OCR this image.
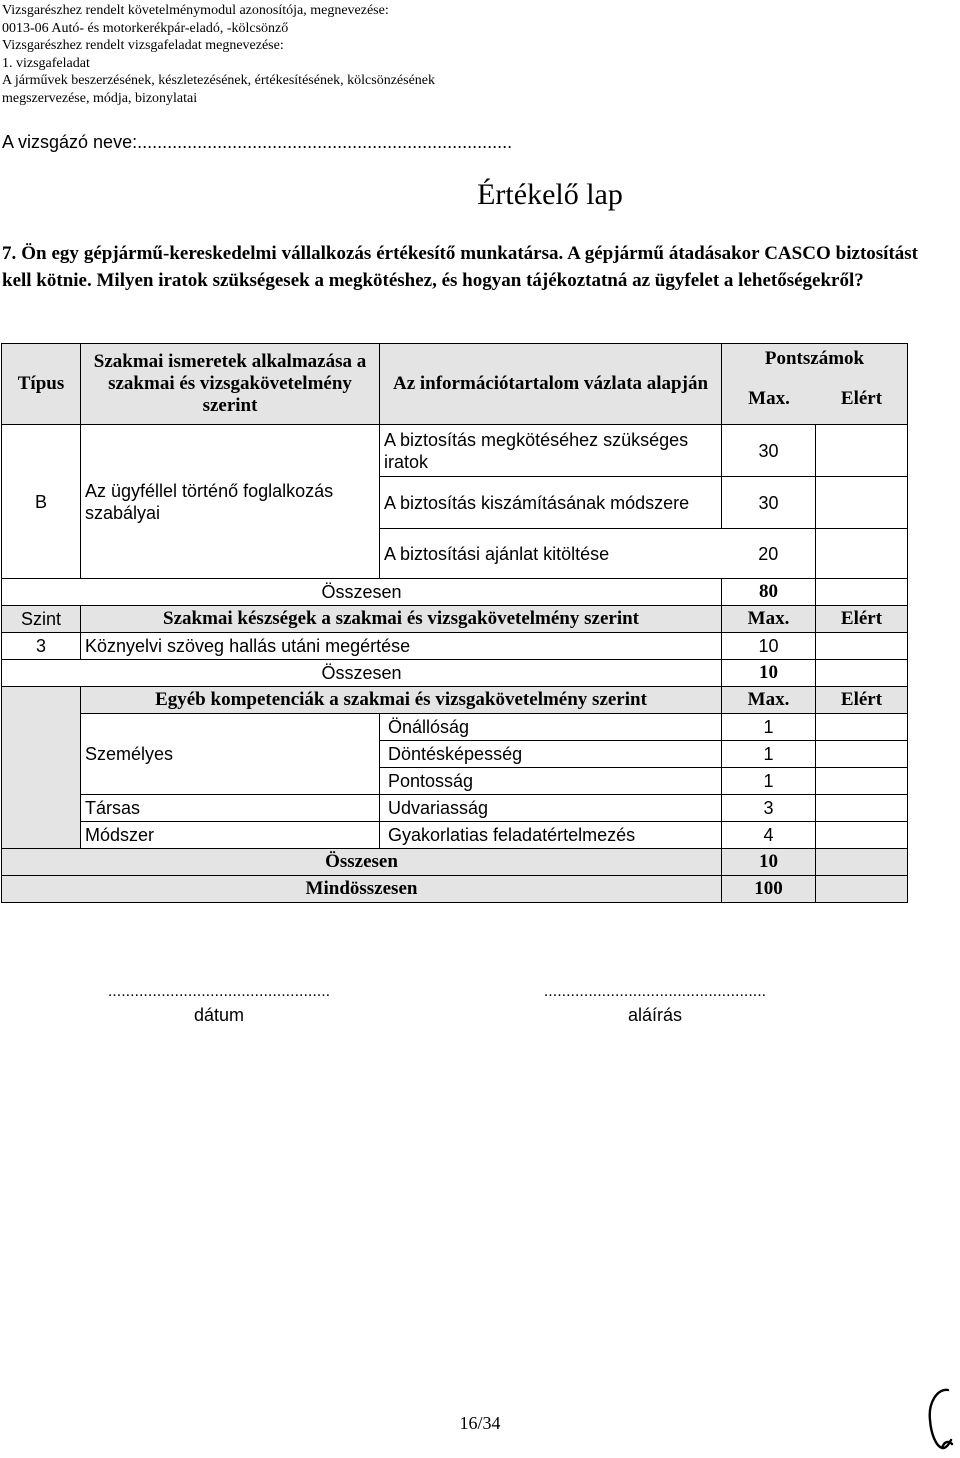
Vizsgarészhez rendelt követelménymodul azonosítója, megnevezése:
0013-06 Autó- és motorkerékpár-eladó, -kölcsönző
Vizsgarészhez rendelt vizsgafeladat megnevezése:
1. vizsgafeladat
A járművek beszerzésének, készletezésének, értékesítésének, kölcsönzésének
megszervezése, módja, bizonylatai
A vizsgázó neve:...........................................................................
Értékelő lap
7. Ön egy gépjármű-kereskedelmi vállalkozás értékesítő munkatársa. A gépjármű átadásakor CASCO biztosítást kell kötnie. Milyen iratok szükségesek a megkötéshez, és hogyan tájékoztatná az ügyfelet a lehetőségekről?
Típus	Szakmai ismeretek alkalmazása a szakmai és vizsgakövetelmény szerint	Az információtartalom vázlata alapján	Pontszámok
Max. Elért	

B	Az ügyféllel történő foglalkozás szabályai	A biztosítás megkötéséhez szükséges iratok	30	
		A biztosítás kiszámításának módszere	30	
		A biztosítási ajánlat kitöltése	20	
Összesen			80	
Szint	Szakmai készségek a szakmai és vizsgakövetelmény szerint		Max.	Elért
3	Köznyelvi szöveg hallás utáni megértése		10	
Összesen			10	
	Egyéb kompetenciák a szakmai és vizsgakövetelmény szerint		Max.	Elért
	Személyes	Önállóság	1	
		Döntésképesség	1	
		Pontosság	1	
	Társas	Udvariasság	3	
	Módszer	Gyakorlatias feladatértelmezés	4	
Összesen			10	
Mindösszesen			100	
..................................................
dátum
..................................................
aláírás
16/34
